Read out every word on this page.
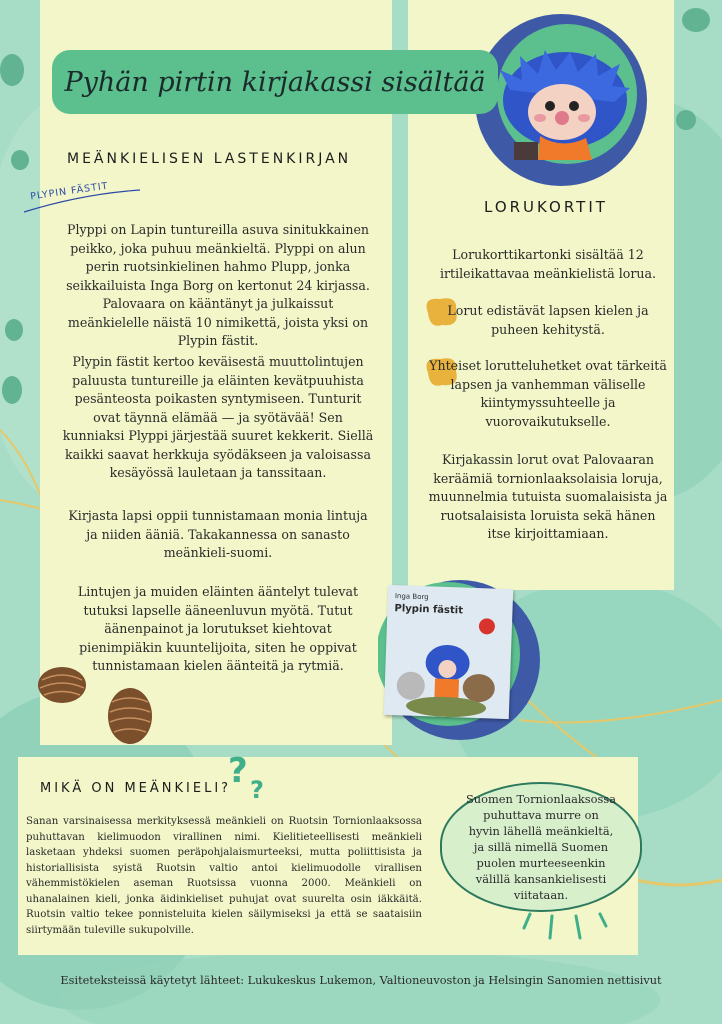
Pyhän pirtin kirjakassi sisältää
MEÄNKIELISEN LASTENKIRJAN
PLYPIN FÄSTIT
Plyppi on Lapin tuntureilla asuva sinitukkainen peikko, joka puhuu meänkieltä. Plyppi on alun perin ruotsinkielinen hahmo Plupp, jonka seikkailuista Inga Borg on kertonut 24 kirjassa. Palovaara on kääntänyt ja julkaissut meänkielelle näistä 10 nimikettä, joista yksi on Plypin fästit.
Plypin fästit kertoo keväisestä muuttolintujen paluusta tuntureille ja eläinten kevätpuuhista pesänteosta poikasten syntymiseen. Tunturit ovat täynnä elämää — ja syötävää! Sen kunniaksi Plyppi järjestää suuret kekkerit. Siellä kaikki saavat herkkuja syödäkseen ja valoisassa kesäyössä lauletaan ja tanssitaan.
Kirjasta lapsi oppii tunnistamaan monia lintuja ja niiden ääniä. Takakannessa on sanasto meänkieli-suomi.
Lintujen ja muiden eläinten ääntelyt tulevat tutuksi lapselle ääneenluvun myötä. Tutut äänenpainot ja lorutukset kiehtovat pienimpiäkin kuuntelijoita, siten he oppivat tunnistamaan kielen äänteitä ja rytmiä.
LORUKORTIT
Lorukorttikartonki sisältää 12 irtileikattavaa meänkielistä lorua.
Lorut edistävät lapsen kielen ja puheen kehitystä.
Yhteiset lorutteluhetket ovat tärkeitä lapsen ja vanhemman väliselle kiintymyssuhteelle ja vuorovaikutukselle.
Kirjakassin lorut ovat Palovaaran keräämiä tornionlaaksolaisia loruja, muunnelmia tutuista suomalaisista ja ruotsalaisista loruista sekä hänen itse kirjoittamiaan.
Inga Borg
Plypin fästit
MIKÄ ON MEÄNKIELI?
? ?
Sanan varsinaisessa merkityksessä meänkieli on Ruotsin Tornionlaaksossa puhuttavan kielimuodon virallinen nimi. Kielitieteellisesti meänkieli lasketaan yhdeksi suomen peräpohjalaismurteeksi, mutta poliittisista ja historiallisista syistä Ruotsin valtio antoi kielimuodolle virallisen vähemmistökielen aseman Ruotsissa vuonna 2000. Meänkieli on uhanalainen kieli, jonka äidinkieliset puhujat ovat suurelta osin iäkkäitä. Ruotsin valtio tekee ponnisteluita kielen säilymiseksi ja että se saataisiin siirtymään tuleville sukupolville.
Suomen Tornionlaaksossa puhuttava murre on hyvin lähellä meänkieltä, ja sillä nimellä Suomen puolen murteeseenkin välillä kansankielisesti viitataan.
Esiteteksteissä käytetyt lähteet: Lukukeskus Lukemon, Valtioneuvoston ja Helsingin Sanomien nettisivut
